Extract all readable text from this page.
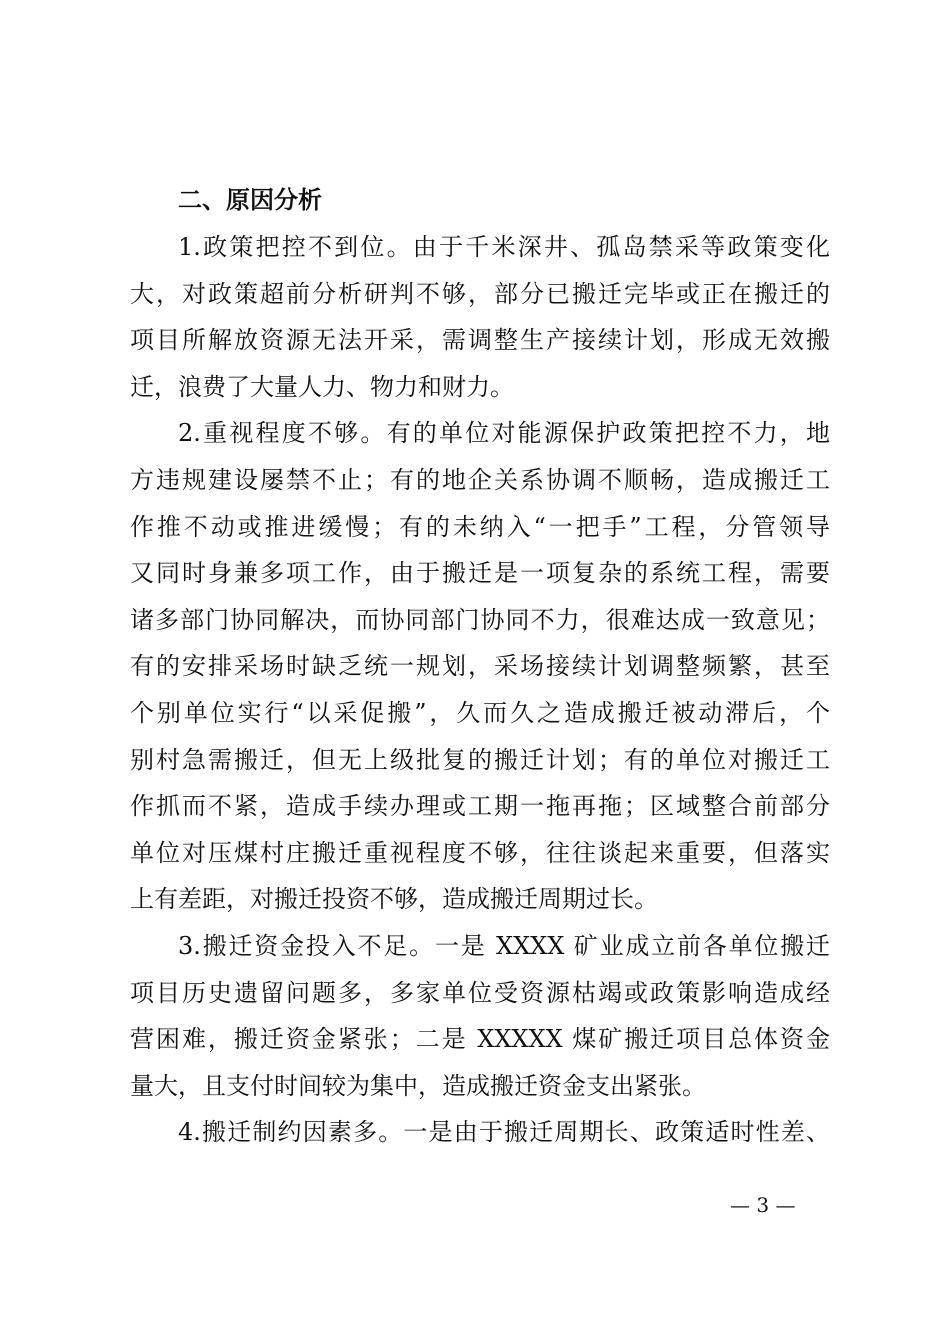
二、原因分析
1.政策把控不到位。由于千米深井、孤岛禁采等政策变化
大，对政策超前分析研判不够，部分已搬迁完毕或正在搬迁的
项目所解放资源无法开采，需调整生产接续计划，形成无效搬
迁，浪费了大量人力、物力和财力。
2.重视程度不够。有的单位对能源保护政策把控不力，地
方违规建设屡禁不止；有的地企关系协调不顺畅，造成搬迁工
作推不动或推进缓慢；有的未纳入“一把手”工程，分管领导
又同时身兼多项工作，由于搬迁是一项复杂的系统工程，需要
诸多部门协同解决，而协同部门协同不力，很难达成一致意见；
有的安排采场时缺乏统一规划，采场接续计划调整频繁，甚至
个别单位实行“以采促搬”，久而久之造成搬迁被动滞后，个
别村急需搬迁，但无上级批复的搬迁计划；有的单位对搬迁工
作抓而不紧，造成手续办理或工期一拖再拖；区域整合前部分
单位对压煤村庄搬迁重视程度不够，往往谈起来重要，但落实
上有差距，对搬迁投资不够，造成搬迁周期过长。
3.搬迁资金投入不足。一是 XXXX 矿业成立前各单位搬迁
项目历史遗留问题多，多家单位受资源枯竭或政策影响造成经
营困难，搬迁资金紧张；二是 XXXXX 煤矿搬迁项目总体资金
量大，且支付时间较为集中，造成搬迁资金支出紧张。
4.搬迁制约因素多。一是由于搬迁周期长、政策适时性差、
— 3 —
